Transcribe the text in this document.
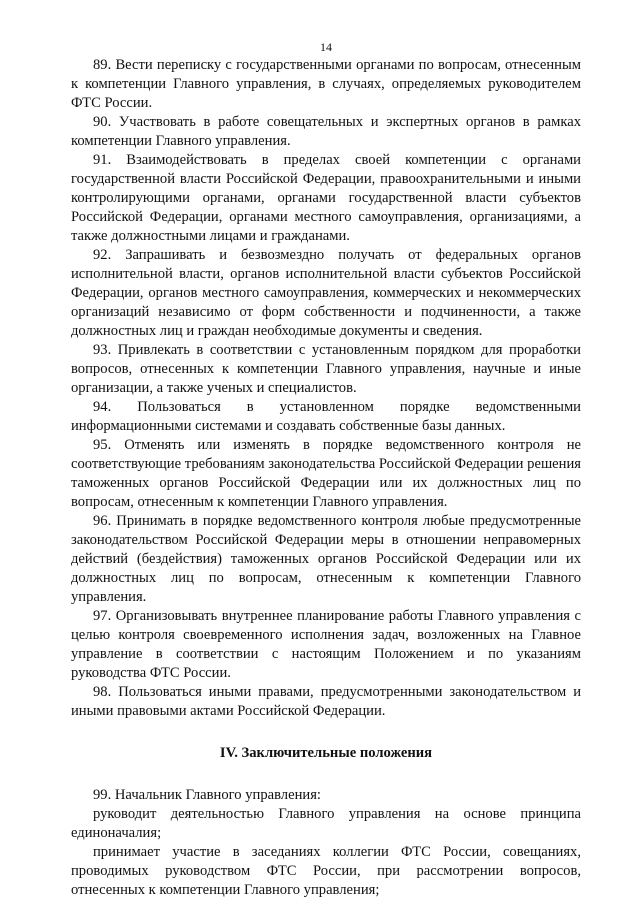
14

89. Вести переписку с государственными органами по вопросам, отнесенным к компетенции Главного управления, в случаях, определяемых руководителем ФТС России.

90. Участвовать в работе совещательных и экспертных органов в рамках компетенции Главного управления.

91. Взаимодействовать в пределах своей компетенции с органами государственной власти Российской Федерации, правоохранительными и иными контролирующими органами, органами государственной власти субъектов Российской Федерации, органами местного самоуправления, организациями, а также должностными лицами и гражданами.

92. Запрашивать и безвозмездно получать от федеральных органов исполнительной власти, органов исполнительной власти субъектов Российской Федерации, органов местного самоуправления, коммерческих и некоммерческих организаций независимо от форм собственности и подчиненности, а также должностных лиц и граждан необходимые документы и сведения.

93. Привлекать в соответствии с установленным порядком для проработки вопросов, отнесенных к компетенции Главного управления, научные и иные организации, а также ученых и специалистов.

94. Пользоваться в установленном порядке ведомственными информационными системами и создавать собственные базы данных.

95. Отменять или изменять в порядке ведомственного контроля не соответствующие требованиям законодательства Российской Федерации решения таможенных органов Российской Федерации или их должностных лиц по вопросам, отнесенным к компетенции Главного управления.

96. Принимать в порядке ведомственного контроля любые предусмотренные законодательством Российской Федерации меры в отношении неправомерных действий (бездействия) таможенных органов Российской Федерации или их должностных лиц по вопросам, отнесенным к компетенции Главного управления.

97. Организовывать внутреннее планирование работы Главного управления с целью контроля своевременного исполнения задач, возложенных на Главное управление в соответствии с настоящим Положением и по указаниям руководства ФТС России.

98. Пользоваться иными правами, предусмотренными законодательством и иными правовыми актами Российской Федерации.

IV. Заключительные положения

99. Начальник Главного управления:

руководит деятельностью Главного управления на основе принципа единоначалия;

принимает участие в заседаниях коллегии ФТС России, совещаниях, проводимых руководством ФТС России, при рассмотрении вопросов, отнесенных к компетенции Главного управления;
